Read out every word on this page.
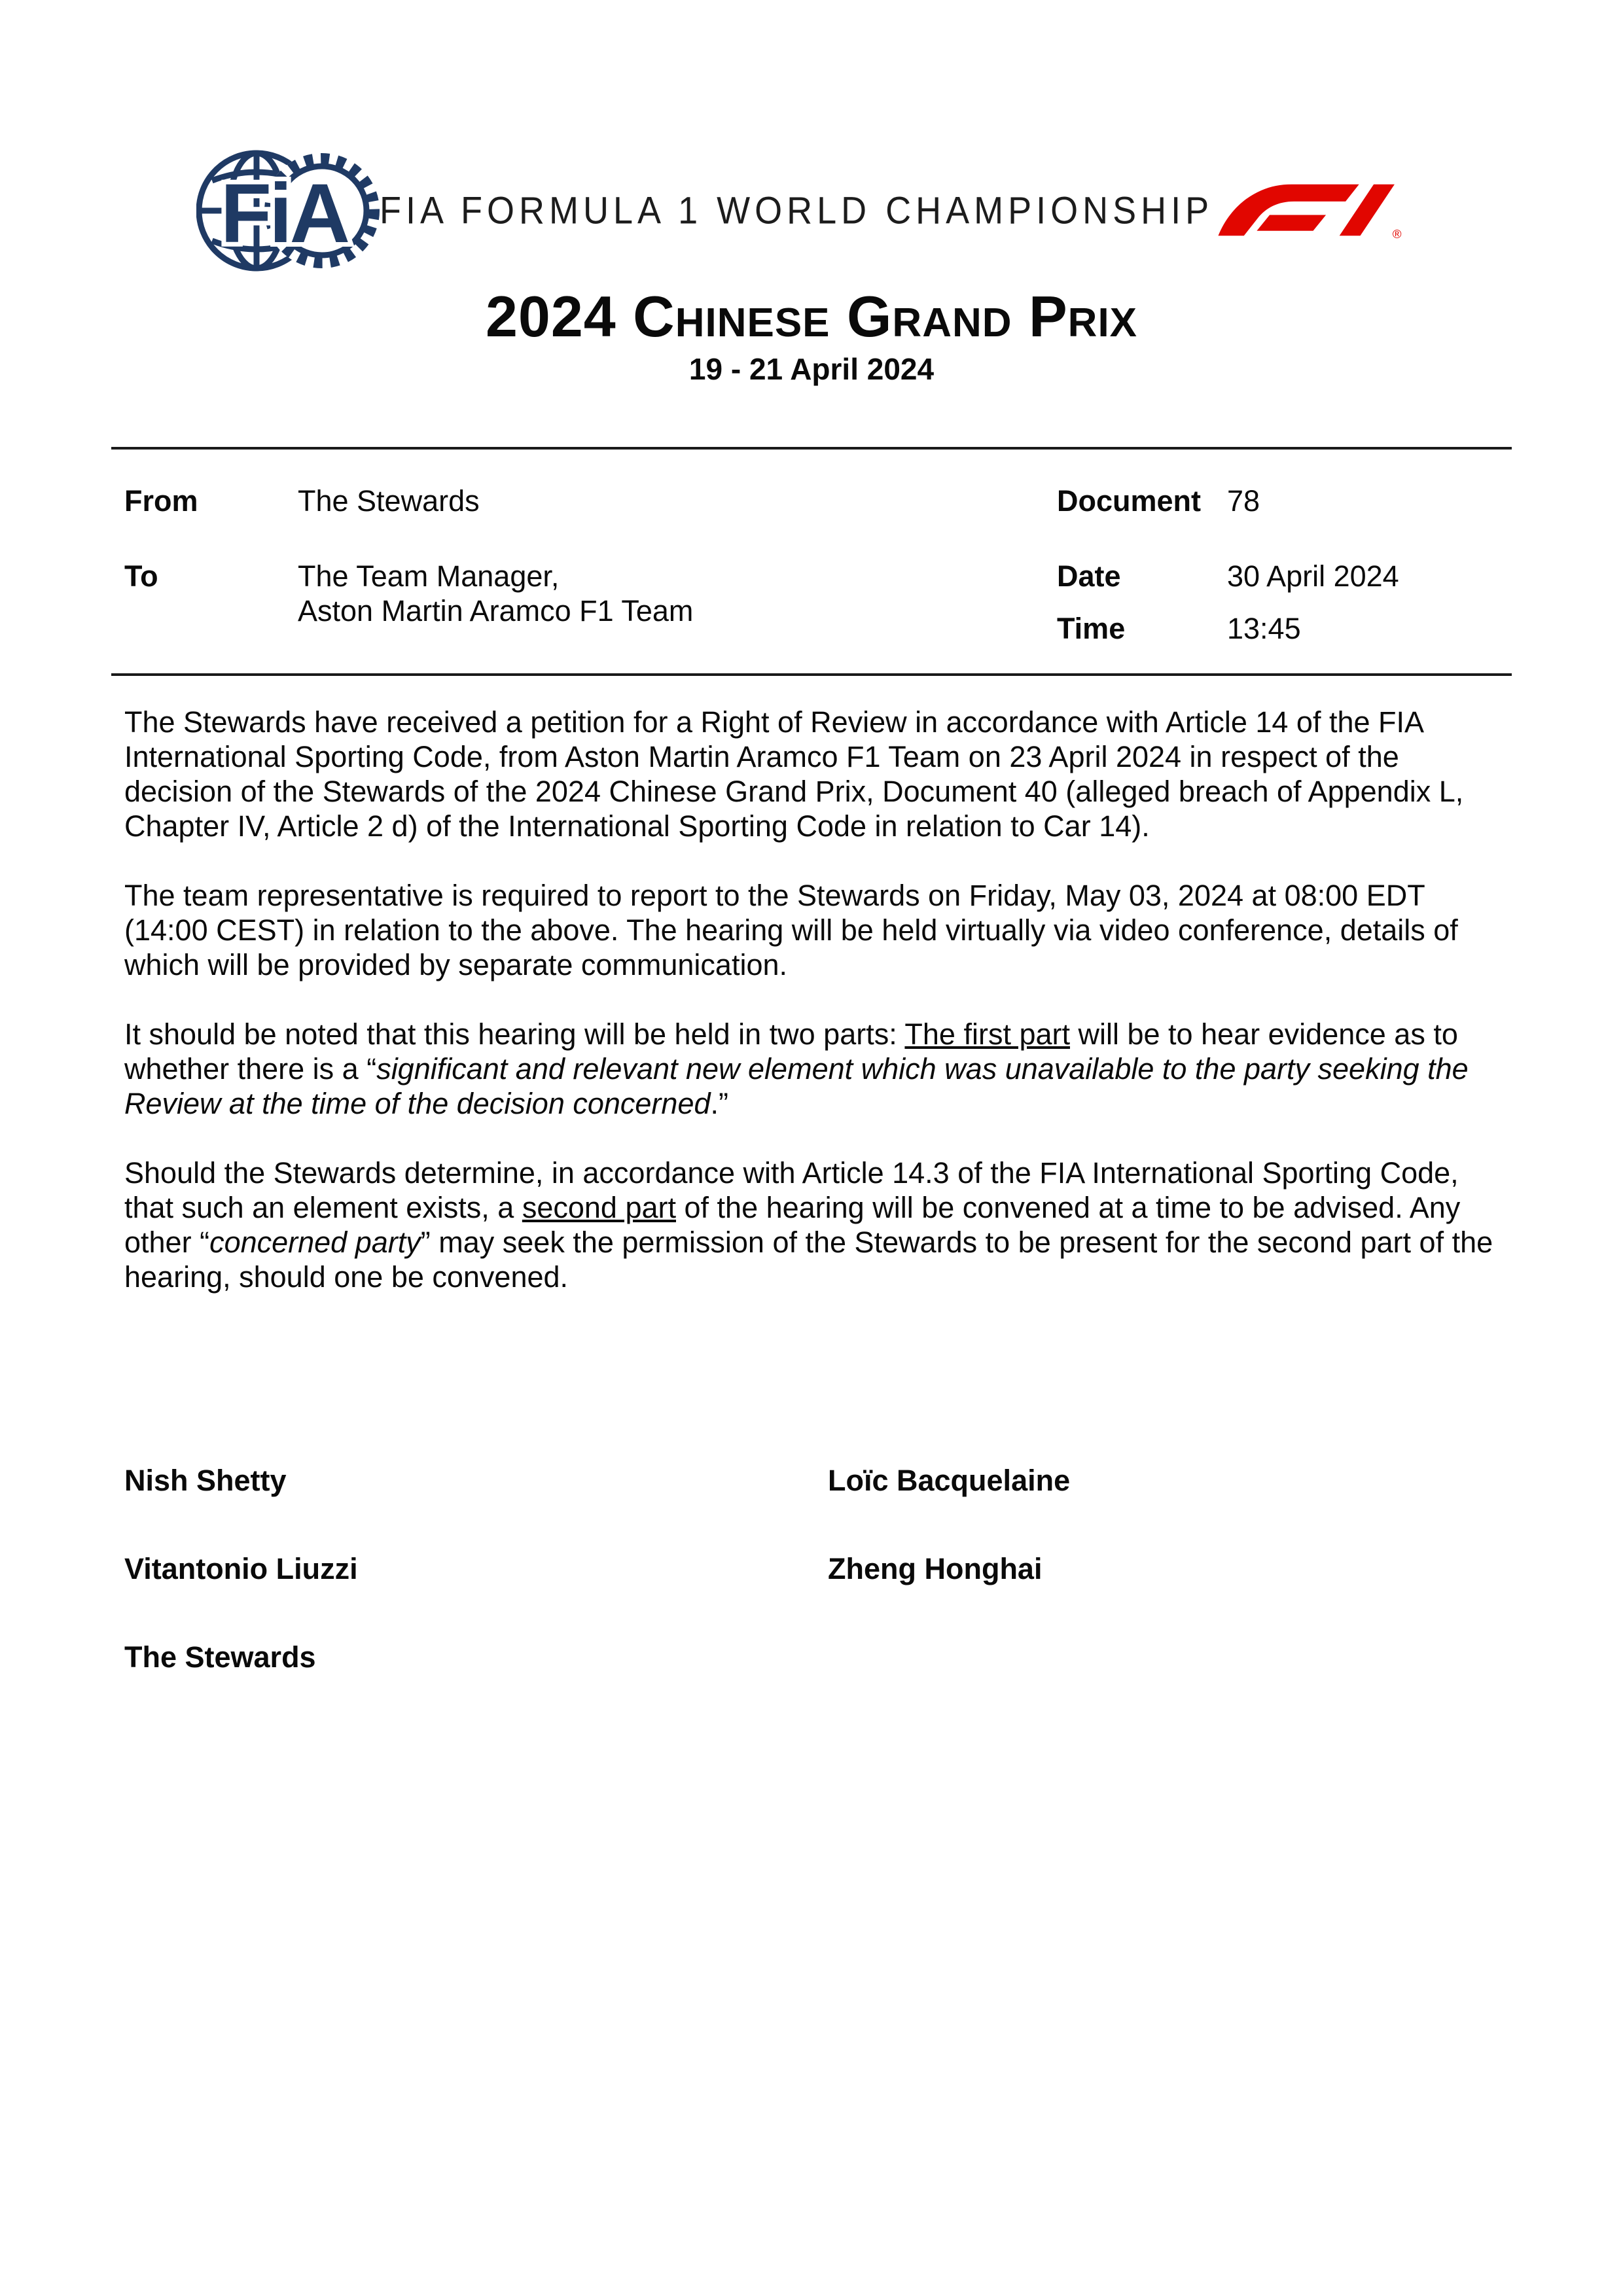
FiA FIA FORMULA 1 WORLD CHAMPIONSHIP
®
2024 Chinese Grand Prix
19 - 21 April 2024
From	The Stewards
To	The Team Manager,
Aston Martin Aramco F1 Team
Document 78
Date	30 April 2024
Time	13:45

The Stewards have received a petition for a Right of Review in accordance with Article 14 of the FIA International Sporting Code, from Aston Martin Aramco F1 Team on 23 April 2024 in respect of the decision of the Stewards of the 2024 Chinese Grand Prix, Document 40 (alleged breach of Appendix L, Chapter IV, Article 2 d) of the International Sporting Code in relation to Car 14).

The team representative is required to report to the Stewards on Friday, May 03, 2024 at 08:00 EDT (14:00 CEST) in relation to the above. The hearing will be held virtually via video conference, details of which will be provided by separate communication.

It should be noted that this hearing will be held in two parts: The first part will be to hear evidence as to whether there is a “significant and relevant new element which was unavailable to the party seeking the Review at the time of the decision concerned.”

Should the Stewards determine, in accordance with Article 14.3 of the FIA International Sporting Code, that such an element exists, a second part of the hearing will be convened at a time to be advised. Any other “concerned party” may seek the permission of the Stewards to be present for the second part of the hearing, should one be convened.

Nish Shetty	Loïc Bacquelaine
Vitantonio Liuzzi	Zheng Honghai
The Stewards
